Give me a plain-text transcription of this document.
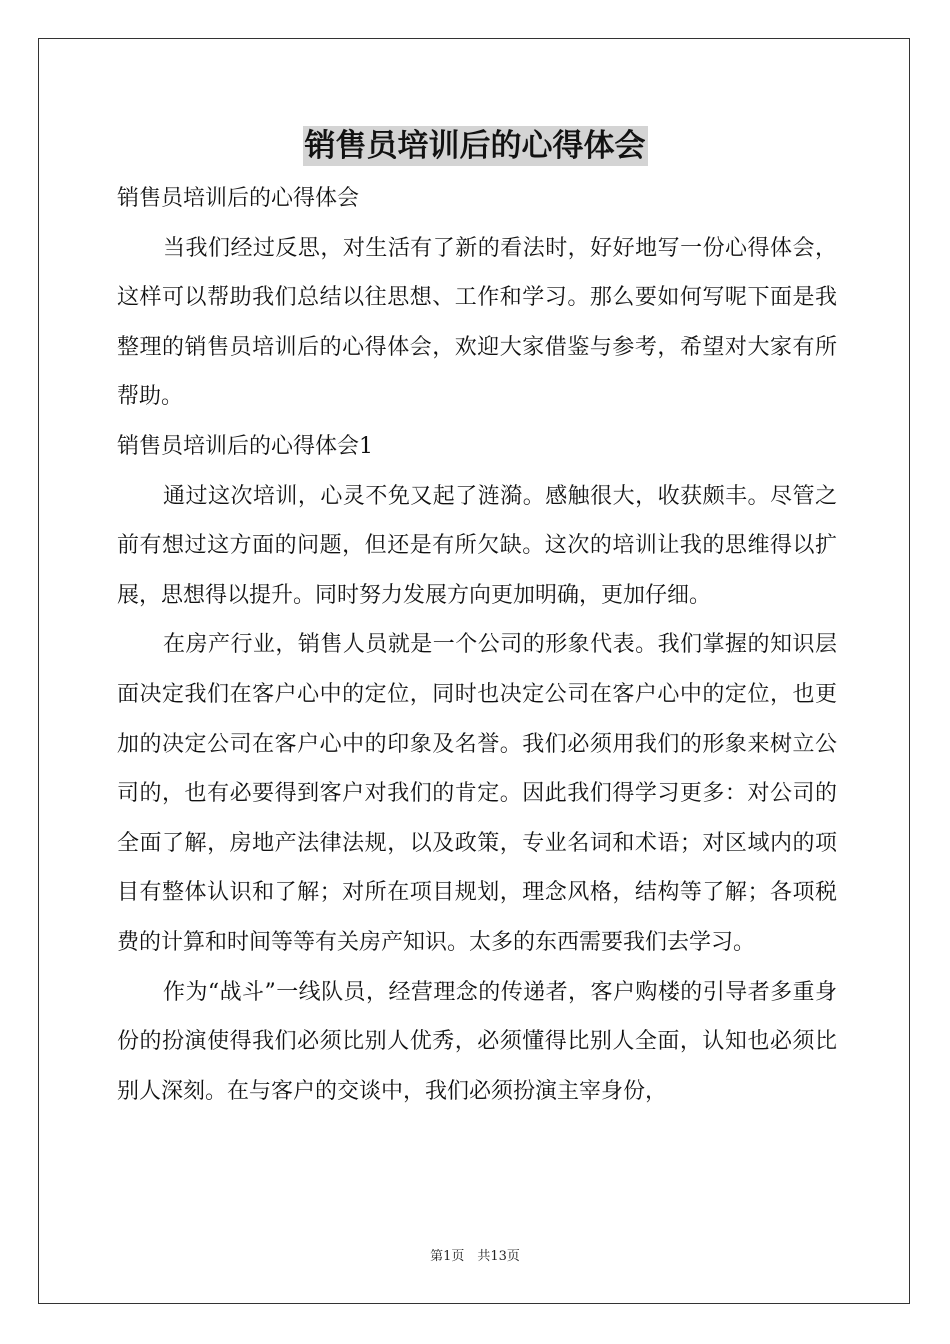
销售员培训后的心得体会

销售员培训后的心得体会

当我们经过反思，对生活有了新的看法时，好好地写一份心得体会，这样可以帮助我们总结以往思想、工作和学习。那么要如何写呢下面是我整理的销售员培训后的心得体会，欢迎大家借鉴与参考，希望对大家有所帮助。

销售员培训后的心得体会1

通过这次培训，心灵不免又起了涟漪。感触很大，收获颇丰。尽管之前有想过这方面的问题，但还是有所欠缺。这次的培训让我的思维得以扩展，思想得以提升。同时努力发展方向更加明确，更加仔细。

在房产行业，销售人员就是一个公司的形象代表。我们掌握的知识层面决定我们在客户心中的定位，同时也决定公司在客户心中的定位，也更加的决定公司在客户心中的印象及名誉。我们必须用我们的形象来树立公司的，也有必要得到客户对我们的肯定。因此我们得学习更多：对公司的全面了解，房地产法律法规，以及政策，专业名词和术语；对区域内的项目有整体认识和了解；对所在项目规划，理念风格，结构等了解；各项税费的计算和时间等等有关房产知识。太多的东西需要我们去学习。

作为“战斗”一线队员，经营理念的传递者，客户购楼的引导者多重身份的扮演使得我们必须比别人优秀，必须懂得比别人全面，认知也必须比别人深刻。在与客户的交谈中，我们必须扮演主宰身份，

第1页　共13页
